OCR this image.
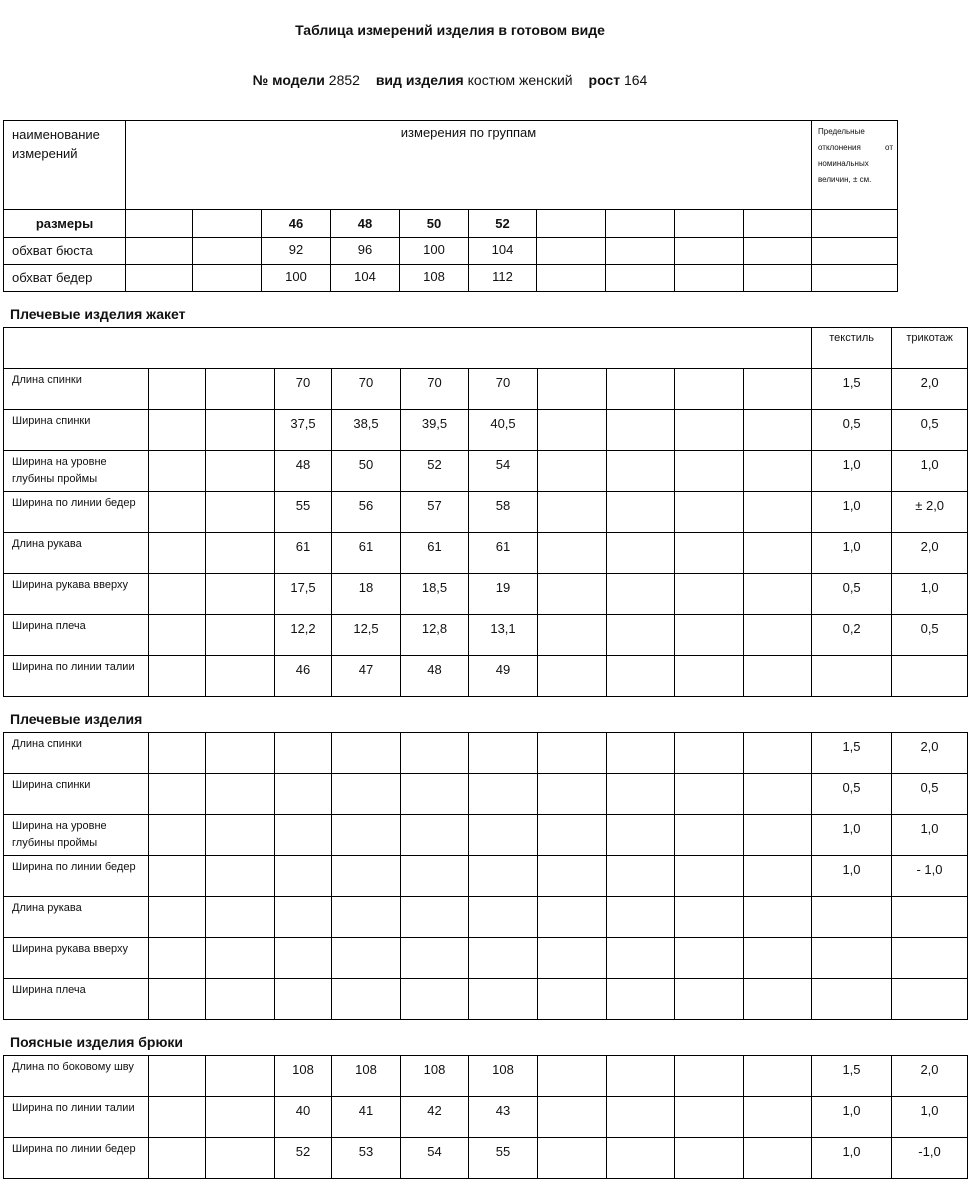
Таблица измерений изделия в готовом виде
№ модели 2852 вид изделия костюм женский рост 164
наименование измерений	измерения по группам										Предельные отклонения от номинальных величин, ± см.
размеры			46	48	50	52					
обхват бюста			92	96	100	104					
обхват бедер			100	104	108	112					
Плечевые изделия жакет
											текстиль	трикотаж
Длина спинки			70	70	70	70					1,5	2,0
Ширина спинки			37,5	38,5	39,5	40,5					0,5	0,5
Ширина на уровне глубины проймы			48	50	52	54					1,0	1,0
Ширина по линии бедер			55	56	57	58					1,0	± 2,0
Длина рукава			61	61	61	61					1,0	2,0
Ширина рукава вверху			17,5	18	18,5	19					0,5	1,0
Ширина плеча			12,2	12,5	12,8	13,1					0,2	0,5
Ширина по линии талии			46	47	48	49						
Плечевые изделия
Длина спинки											1,5	2,0
Ширина спинки											0,5	0,5
Ширина на уровне глубины проймы											1,0	1,0
Ширина по линии бедер											1,0	- 1,0
Длина рукава												
Ширина рукава вверху												
Ширина плеча												
Поясные изделия брюки
Длина по боковому шву			108	108	108	108					1,5	2,0
Ширина по линии талии			40	41	42	43					1,0	1,0
Ширина по линии бедер			52	53	54	55					1,0	-1,0
